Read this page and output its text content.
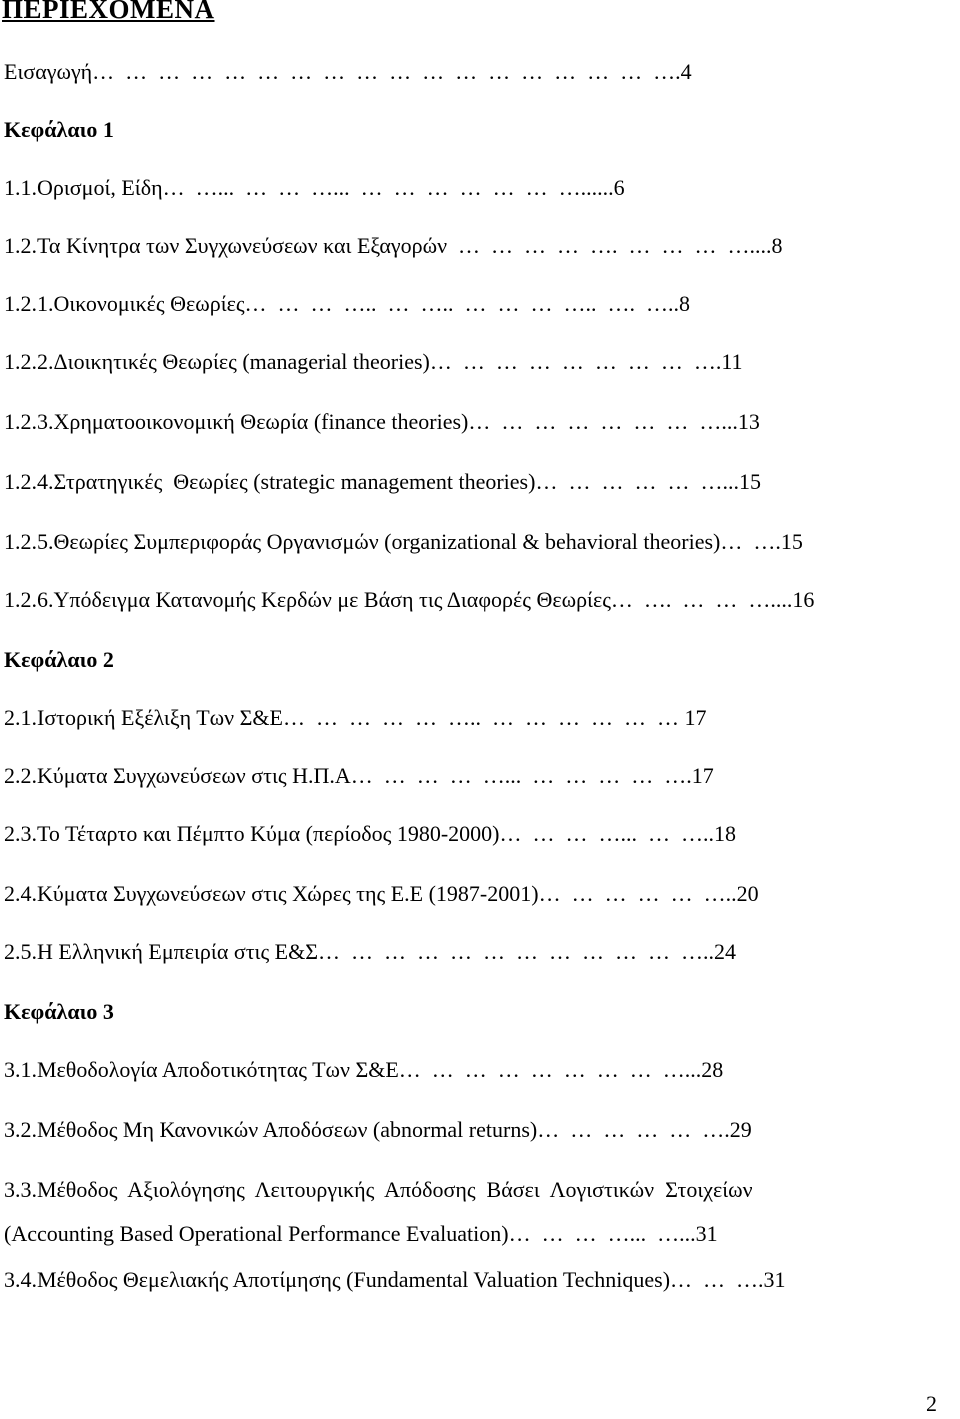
ΠΕΡΙΕΧΟΜΕΝΑ
Εισαγωγή…  …  …  …  …  …  …  …  …  …  …  …  …  …  …  …  …  ….4
Κεφάλαιο 1
1.1.Ορισμοί, Είδη…  …...  …  …  …...  …  …  …  …  …  …  …......6
1.2.Τα Κίνητρα των Συγχωνεύσεων και Εξαγορών  …  …  …  …  ….  …  …  …  …....8
1.2.1.Οικονομικές Θεωρίες…  …  …  …..  …  …..  …  …  …  …..  ….  …..8
1.2.2.Διοικητικές Θεωρίες (managerial theories)…  …  …  …  …  …  …  …  ….11
1.2.3.Χρηματοοικονομική Θεωρία (finance theories)…  …  …  …  …  …  …  …...13
1.2.4.Στρατηγικές  Θεωρίες (strategic management theories)…  …  …  …  …  …...15
1.2.5.Θεωρίες Συμπεριφοράς Οργανισμών (organizational & behavioral theories)…  ….15
1.2.6.Υπόδειγμα Κατανομής Κερδών με Βάση τις Διαφορές Θεωρίες…  ….  …  …  …....16
Κεφάλαιο 2
2.1.Ιστορική Εξέλιξη Των Σ&Ε…  …  …  …  …  …..  …  …  …  …  …  … 17
2.2.Κύματα Συγχωνεύσεων στις Η.Π.Α…  …  …  …  …...  …  …  …  …  ….17
2.3.Το Τέταρτο και Πέμπτο Κύμα (περίοδος 1980-2000)…  …  …  …...  …  …..18
2.4.Κύματα Συγχωνεύσεων στις Χώρες της Ε.Ε (1987-2001)…  …  …  …  …  …..20
2.5.Η Ελληνική Εμπειρία στις Ε&Σ…  …  …  …  …  …  …  …  …  …  …  …..24
Κεφάλαιο 3
3.1.Μεθοδολογία Αποδοτικότητας Των Σ&Ε…  …  …  …  …  …  …  …  …...28
3.2.Μέθοδος Μη Κανονικών Αποδόσεων (abnormal returns)…  …  …  …  …  ….29
3.3.Μέθοδος  Αξιολόγησης  Λειτουργικής  Απόδοσης  Βάσει  Λογιστικών  Στοιχείων
(Accounting Based Operational Performance Evaluation)…  …  …  …...  …...31
3.4.Μέθοδος Θεμελιακής Αποτίμησης (Fundamental Valuation Techniques)…  …  ….31
2
